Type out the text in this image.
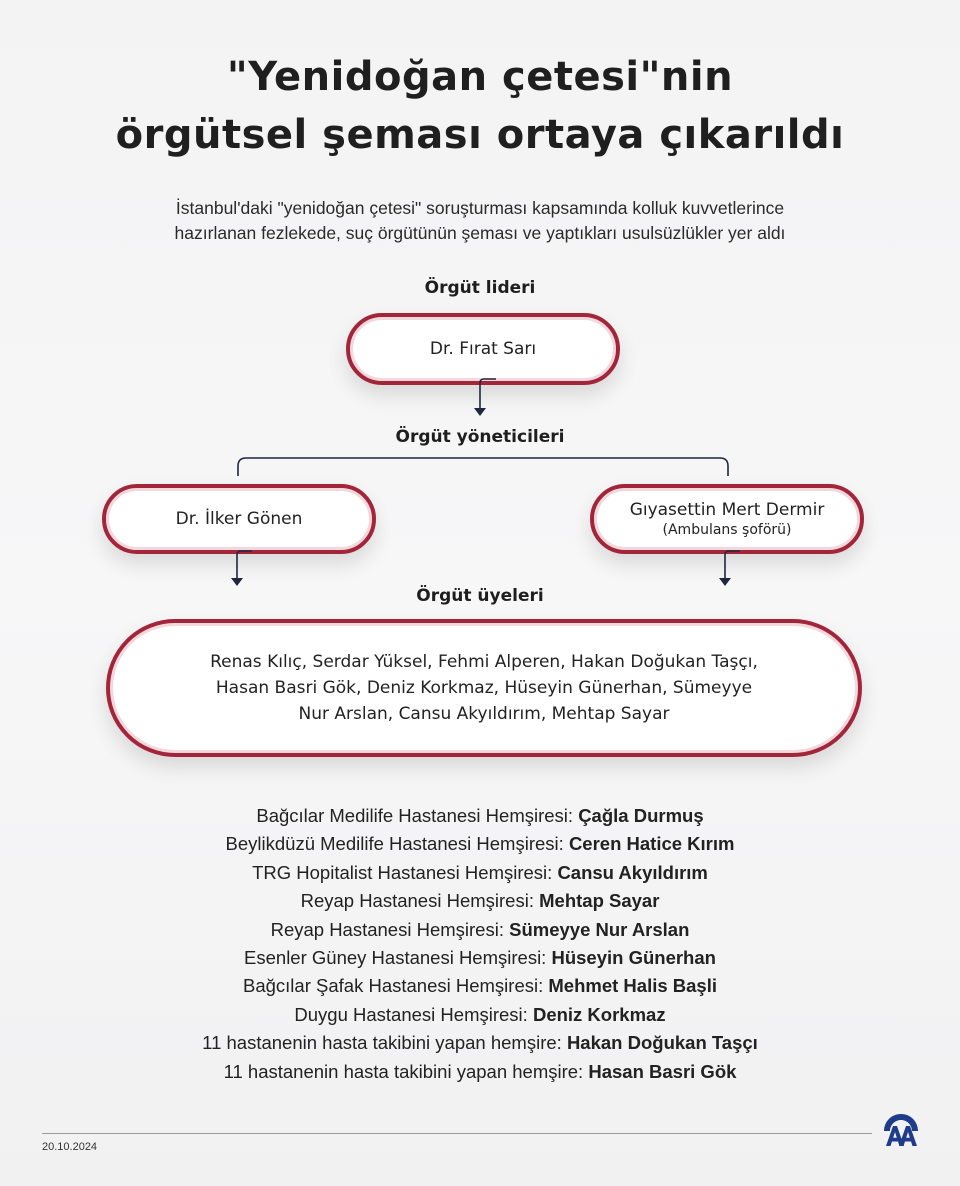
"Yenidoğan çetesi"nin
örgütsel şeması ortaya çıkarıldı
İstanbul'daki "yenidoğan çetesi" soruşturması kapsamında kolluk kuvvetlerince
hazırlanan fezlekede, suç örgütünün şeması ve yaptıkları usulsüzlükler yer aldı
Örgüt lideri
Dr. Fırat Sarı
Örgüt yöneticileri
Dr. İlker Gönen	Gıyasettin Mert Dermir
(Ambulans şoförü)
Örgüt üyeleri
Renas Kılıç, Serdar Yüksel, Fehmi Alperen, Hakan Doğukan Taşçı,
Hasan Basri Gök, Deniz Korkmaz, Hüseyin Günerhan, Sümeyye
Nur Arslan, Cansu Akyıldırım, Mehtap Sayar
Bağcılar Medilife Hastanesi Hemşiresi: Çağla Durmuş
Beylikdüzü Medilife Hastanesi Hemşiresi: Ceren Hatice Kırım
TRG Hopitalist Hastanesi Hemşiresi: Cansu Akyıldırım
Reyap Hastanesi Hemşiresi: Mehtap Sayar
Reyap Hastanesi Hemşiresi: Sümeyye Nur Arslan
Esenler Güney Hastanesi Hemşiresi: Hüseyin Günerhan
Bağcılar Şafak Hastanesi Hemşiresi: Mehmet Halis Başli
Duygu Hastanesi Hemşiresi: Deniz Korkmaz
11 hastanenin hasta takibini yapan hemşire: Hakan Doğukan Taşçı
11 hastanenin hasta takibini yapan hemşire: Hasan Basri Gök
20.10.2024
